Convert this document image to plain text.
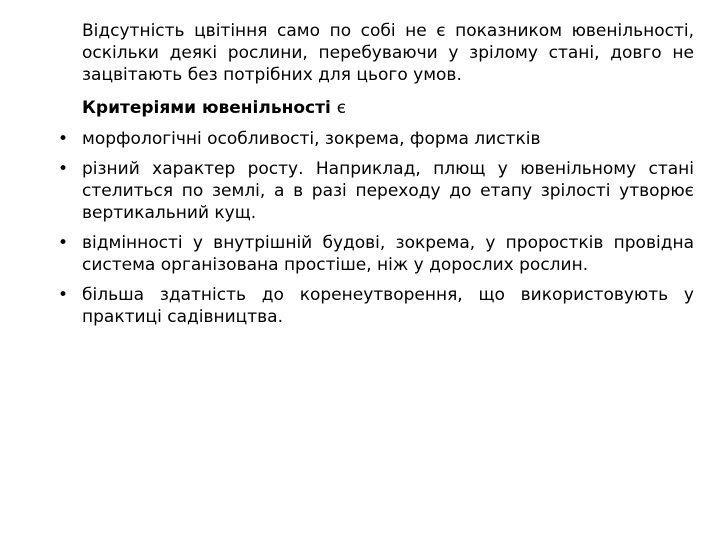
Відсутність цвітіння само по собі не є показником ювенільності, оскільки деякі рослини, перебуваючи у зрілому стані, довго не зацвітають без потрібних для цього умов.

Критеріями ювенільності є

• морфологічні особливості, зокрема, форма листків
• різний характер росту. Наприклад, плющ у ювенільному стані стелиться по землі, а в разі переходу до етапу зрілості утворює вертикальний кущ.
• відмінності у внутрішній будові, зокрема, у проростків провідна система організована простіше, ніж у дорослих рослин.
• більша здатність до коренеутворення, що використовують у практиці садівництва.
